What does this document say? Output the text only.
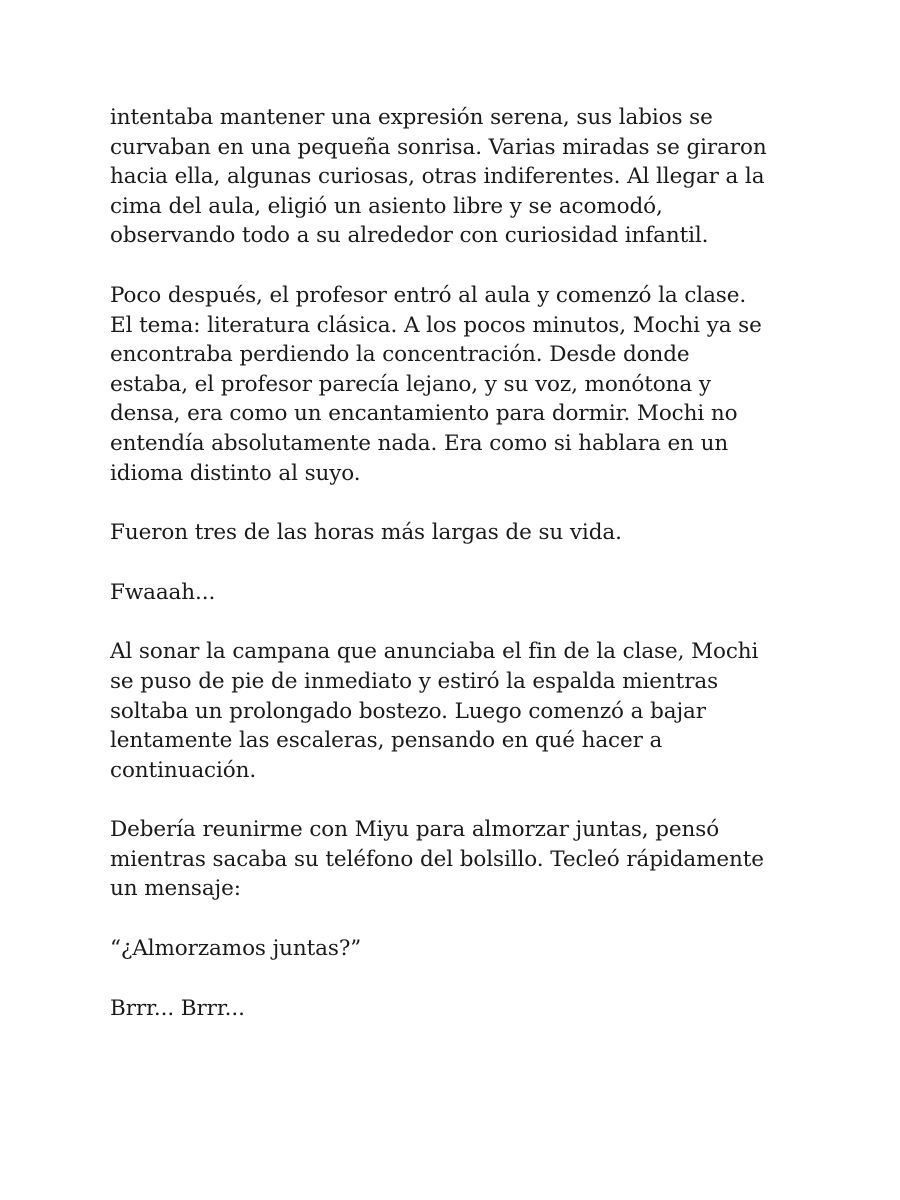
intentaba mantener una expresión serena, sus labios se
curvaban en una pequeña sonrisa. Varias miradas se giraron
hacia ella, algunas curiosas, otras indiferentes. Al llegar a la
cima del aula, eligió un asiento libre y se acomodó,
observando todo a su alrededor con curiosidad infantil.

Poco después, el profesor entró al aula y comenzó la clase.
El tema: literatura clásica. A los pocos minutos, Mochi ya se
encontraba perdiendo la concentración. Desde donde
estaba, el profesor parecía lejano, y su voz, monótona y
densa, era como un encantamiento para dormir. Mochi no
entendía absolutamente nada. Era como si hablara en un
idioma distinto al suyo.

Fueron tres de las horas más largas de su vida.

Fwaaah...

Al sonar la campana que anunciaba el fin de la clase, Mochi
se puso de pie de inmediato y estiró la espalda mientras
soltaba un prolongado bostezo. Luego comenzó a bajar
lentamente las escaleras, pensando en qué hacer a
continuación.

Debería reunirme con Miyu para almorzar juntas, pensó
mientras sacaba su teléfono del bolsillo. Tecleó rápidamente
un mensaje:

“¿Almorzamos juntas?”

Brrr... Brrr...
